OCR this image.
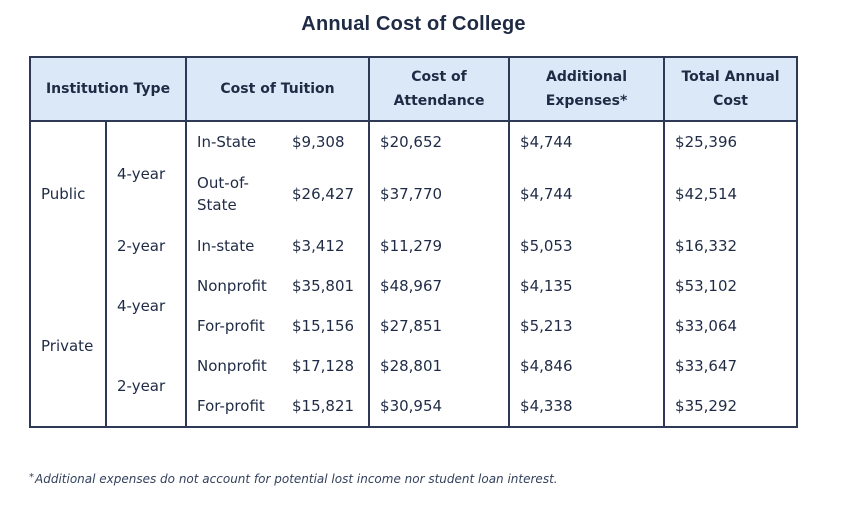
Annual Cost of College
Institution Type		Cost of Tuition		Cost of Attendance	Additional Expenses*	Total Annual Cost
Public	4-year	In-State	$9,308	$20,652	$4,744	$25,396
		Out-of-State	$26,427	$37,770	$4,744	$42,514
	2-year	In-state	$3,412	$11,279	$5,053	$16,332
Private	4-year	Nonprofit	$35,801	$48,967	$4,135	$53,102
		For-profit	$15,156	$27,851	$5,213	$33,064
	2-year	Nonprofit	$17,128	$28,801	$4,846	$33,647
		For-profit	$15,821	$30,954	$4,338	$35,292
*Additional expenses do not account for potential lost income nor student loan interest.
